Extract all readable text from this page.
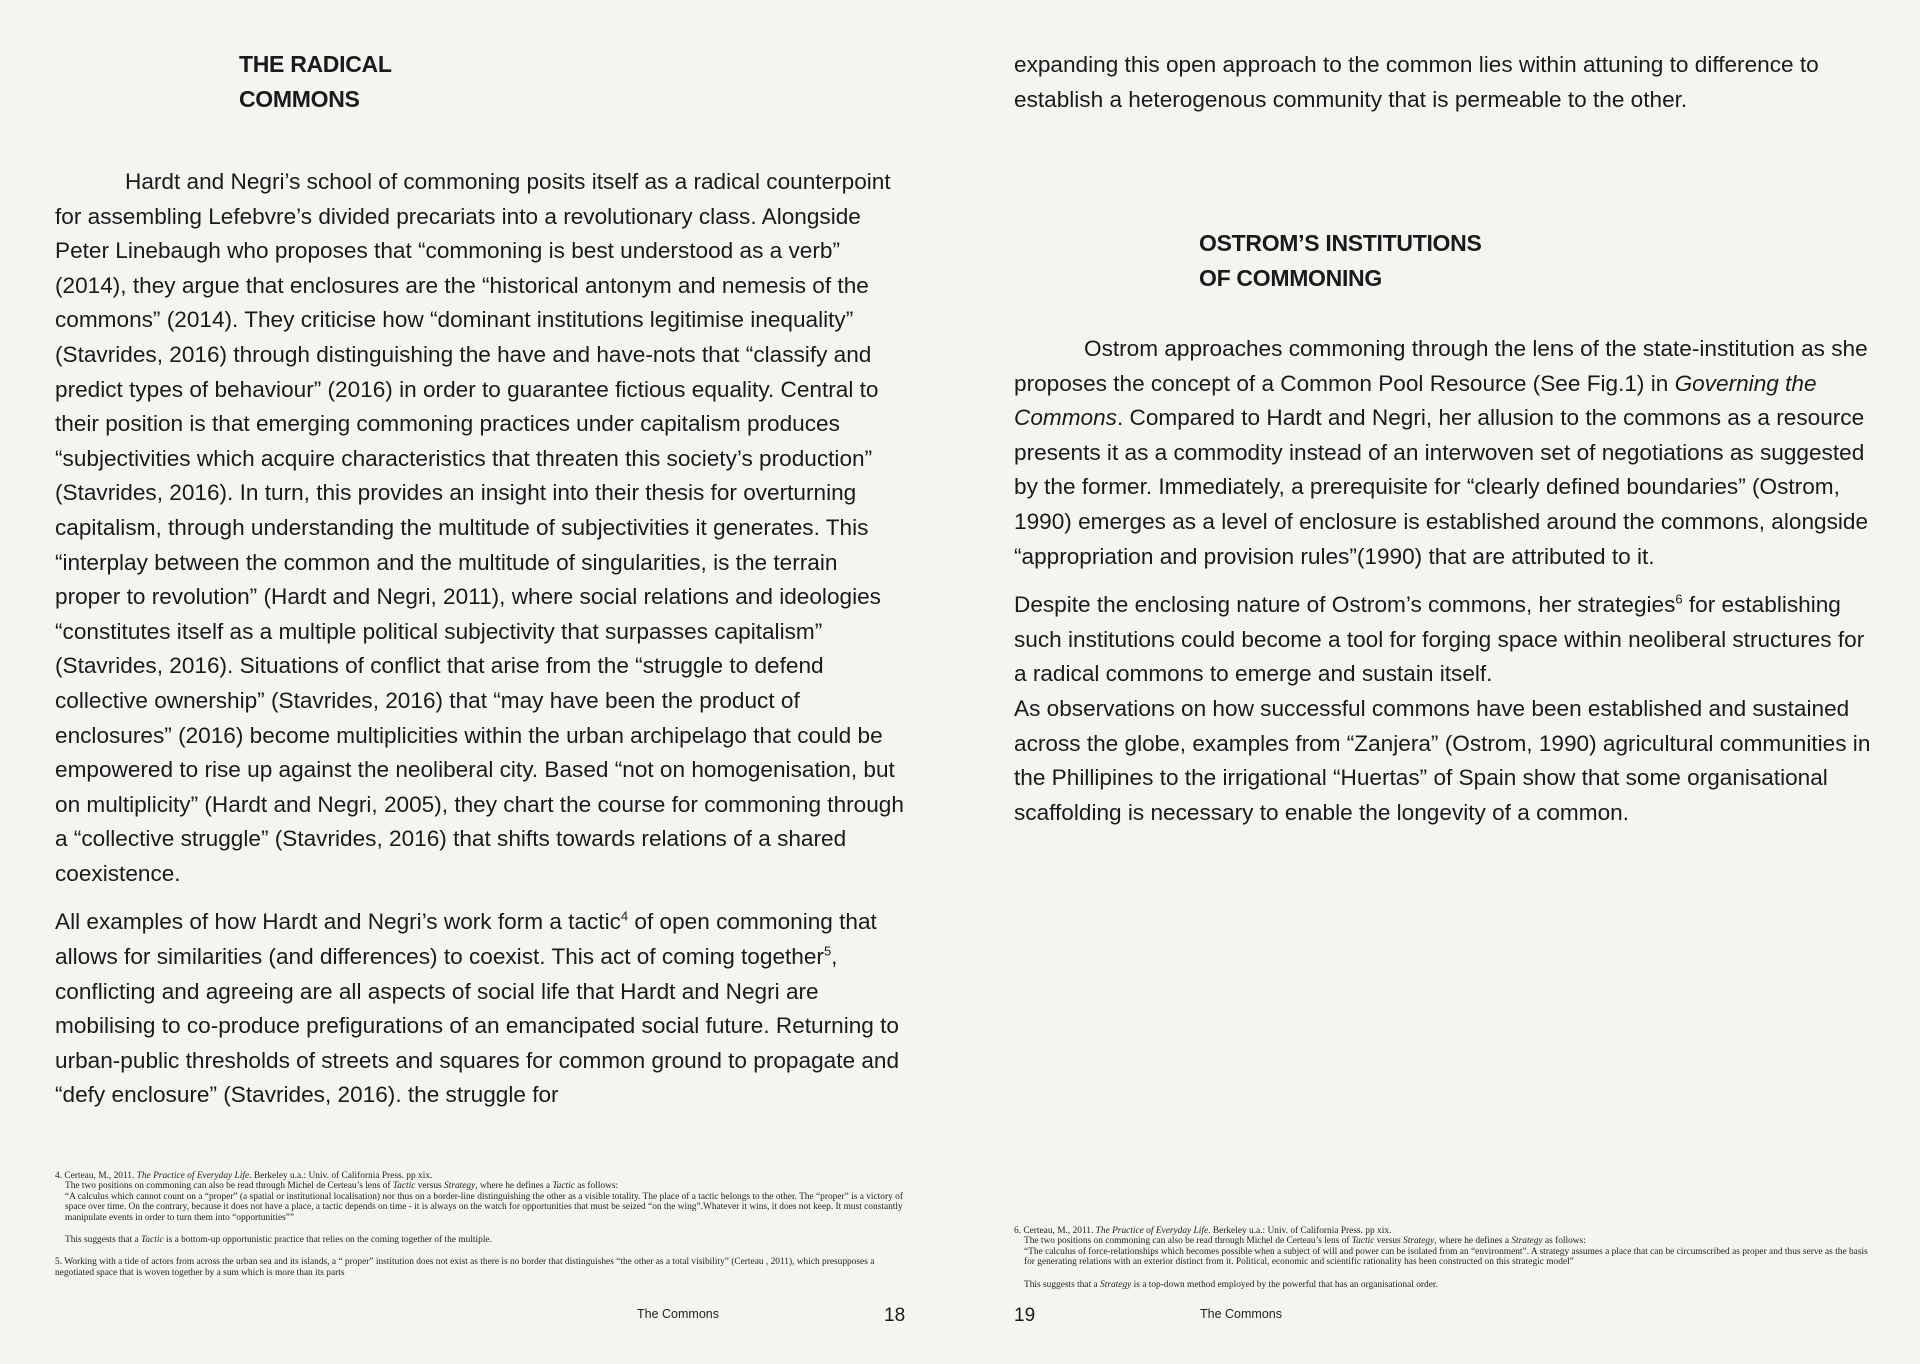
THE RADICAL
COMMONS

Hardt and Negri’s school of commoning posits itself as a radical counterpoint for assembling Lefebvre’s divided precariats into a revolutionary class. Alongside Peter Linebaugh who proposes that “commoning is best understood as a verb” (2014), they argue that enclosures are the “historical antonym and nemesis of the commons” (2014). They criticise how “dominant institutions legitimise inequality” (Stavrides, 2016) through distinguishing the have and have-nots that “classify and predict types of behaviour” (2016) in order to guarantee fictious equality. Central to their position is that emerging commoning practices under capitalism produces “subjectivities which acquire characteristics that threaten this society’s production” (Stavrides, 2016). In turn, this provides an insight into their thesis for overturning capitalism, through understanding the multitude of subjectivities it generates. This “interplay between the common and the multitude of singularities, is the terrain proper to revolution” (Hardt and Negri, 2011), where social relations and ideologies “constitutes itself as a multiple political subjectivity that surpasses capitalism” (Stavrides, 2016). Situations of conflict that arise from the “struggle to defend collective ownership” (Stavrides, 2016) that “may have been the product of enclosures” (2016) become multiplicities within the urban archipelago that could be empowered to rise up against the neoliberal city. Based “not on homogenisation, but on multiplicity” (Hardt and Negri, 2005), they chart the course for commoning through a “collective struggle” (Stavrides, 2016) that shifts towards relations of a shared coexistence.

All examples of how Hardt and Negri’s work form a tactic$^4$ of open commoning that allows for similarities (and differences) to coexist. This act of coming together$^5$, conflicting and agreeing are all aspects of social life that Hardt and Negri are mobilising to co-produce prefigurations of an emancipated social future. Returning to urban-public thresholds of streets and squares for common ground to propagate and “defy enclosure” (Stavrides, 2016). the struggle for

4. Certeau, M., 2011. The Practice of Everyday Life. Berkeley u.a.: Univ. of California Press. pp xix.

The two positions on commoning can also be read through Michel de Certeau’s lens of Tactic versus Strategy, where he defines a Tactic as follows:

“A calculus which cannot count on a “proper” (a spatial or institutional localisation) nor thus on a border-line distinguishing the other as a visible totality. The place of a tactic belongs to the other. The “proper” is a victory of space over time. On the contrary, because it does not have a place, a tactic depends on time - it is always on the watch for opportunities that must be seized “on the wing”.Whatever it wins, it does not keep. It must constantly manipulate events in order to turn them into “opportunities””

This suggests that a Tactic is a bottom-up opportunistic practice that relies on the coming together of the multiple.

5. Working with a tide of actors from across the urban sea and its islands, a “ proper” institution does not exist as there is no border that distinguishes “the other as a total visibility” (Certeau , 2011), which presupposes a negotiated space that is woven together by a sum which is more than its parts

The Commons	18

expanding this open approach to the common lies within attuning to difference to establish a heterogenous community that is permeable to the other.

OSTROM’S INSTITUTIONS
OF COMMONING

Ostrom approaches commoning through the lens of the state-institution as she proposes the concept of a Common Pool Resource (See Fig.1) in Governing the Commons. Compared to Hardt and Negri, her allusion to the commons as a resource presents it as a commodity instead of an interwoven set of negotiations as suggested by the former. Immediately, a prerequisite for “clearly defined boundaries” (Ostrom, 1990) emerges as a level of enclosure is established around the commons, alongside “appropriation and provision rules”(1990) that are attributed to it.

Despite the enclosing nature of Ostrom’s commons, her strategies$^6$ for establishing such institutions could become a tool for forging space within neoliberal structures for a radical commons to emerge and sustain itself.
As observations on how successful commons have been established and sustained across the globe, examples from “Zanjera” (Ostrom, 1990) agricultural communities in the Phillipines to the irrigational “Huertas” of Spain show that some organisational scaffolding is necessary to enable the longevity of a common.

6. Certeau, M., 2011. The Practice of Everyday Life. Berkeley u.a.: Univ. of California Press. pp xix.

The two positions on commoning can also be read through Michel de Certeau’s lens of Tactic versus Strategy, where he defines a Strategy as follows:

“The calculus of force-relationships which becomes possible when a subject of will and power can be isolated from an “environment”. A strategy assumes a place that can be circumscribed as proper and thus serve as the basis for generating relations with an exterior distinct from it. Political, economic and scientific rationality has been constructed on this strategic model”

This suggests that a Strategy is a top-down method employed by the powerful that has an organisational order.

19	The Commons
